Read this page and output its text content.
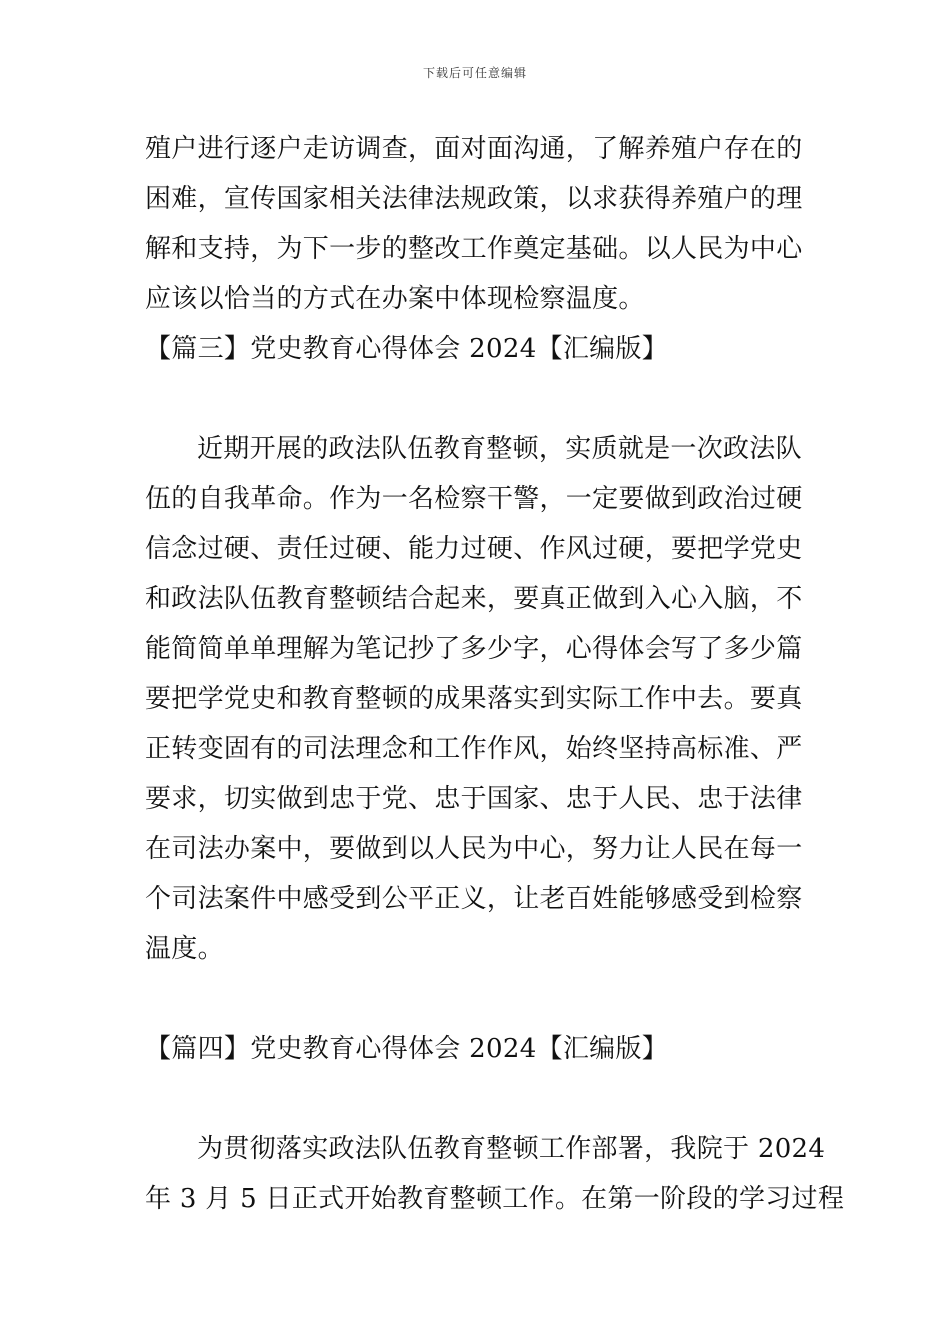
下载后可任意编辑
殖户进行逐户走访调查，面对面沟通，了解养殖户存在的
困难，宣传国家相关法律法规政策，以求获得养殖户的理
解和支持，为下一步的整改工作奠定基础。以人民为中心
应该以恰当的方式在办案中体现检察温度。
【篇三】党史教育心得体会 2024【汇编版】
近期开展的政法队伍教育整顿，实质就是一次政法队
伍的自我革命。作为一名检察干警，一定要做到政治过硬
信念过硬、责任过硬、能力过硬、作风过硬，要把学党史
和政法队伍教育整顿结合起来，要真正做到入心入脑，不
能简简单单理解为笔记抄了多少字，心得体会写了多少篇
要把学党史和教育整顿的成果落实到实际工作中去。要真
正转变固有的司法理念和工作作风，始终坚持高标准、严
要求，切实做到忠于党、忠于国家、忠于人民、忠于法律
在司法办案中，要做到以人民为中心，努力让人民在每一
个司法案件中感受到公平正义，让老百姓能够感受到检察
温度。
【篇四】党史教育心得体会 2024【汇编版】
为贯彻落实政法队伍教育整顿工作部署，我院于 2024
年 3 月 5 日正式开始教育整顿工作。在第一阶段的学习过程
